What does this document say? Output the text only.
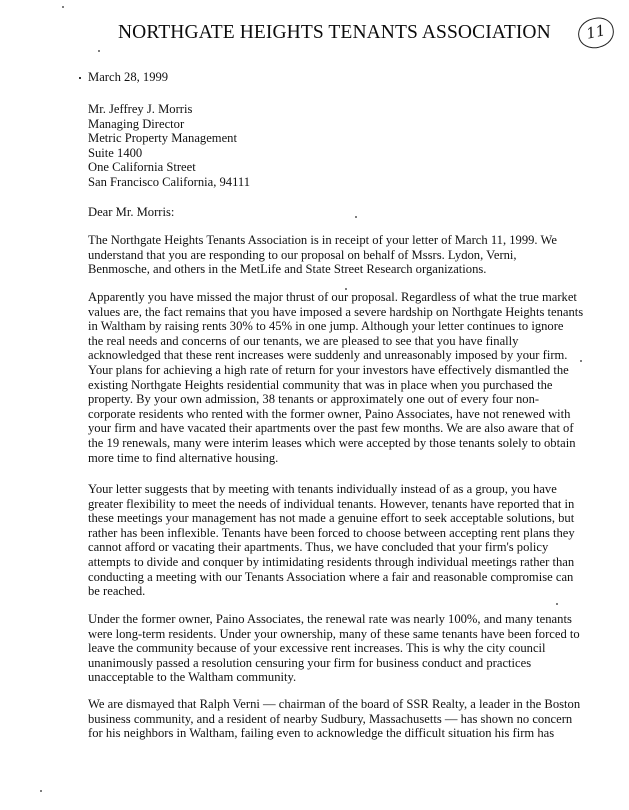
NORTHGATE HEIGHTS TENANTS ASSOCIATION	11
March 28, 1999
Mr. Jeffrey J. Morris
Managing Director
Metric Property Management
Suite 1400
One California Street
San Francisco California, 94111
Dear Mr. Morris:
The Northgate Heights Tenants Association is in receipt of your letter of March 11, 1999. We
understand that you are responding to our proposal on behalf of Mssrs. Lydon, Verni,
Benmosche, and others in the MetLife and State Street Research organizations.
Apparently you have missed the major thrust of our proposal. Regardless of what the true market
values are, the fact remains that you have imposed a severe hardship on Northgate Heights tenants
in Waltham by raising rents 30% to 45% in one jump. Although your letter continues to ignore
the real needs and concerns of our tenants, we are pleased to see that you have finally
acknowledged that these rent increases were suddenly and unreasonably imposed by your firm.
Your plans for achieving a high rate of return for your investors have effectively dismantled the
existing Northgate Heights residential community that was in place when you purchased the
property. By your own admission, 38 tenants or approximately one out of every four non-
corporate residents who rented with the former owner, Paino Associates, have not renewed with
your firm and have vacated their apartments over the past few months. We are also aware that of
the 19 renewals, many were interim leases which were accepted by those tenants solely to obtain
more time to find alternative housing.
Your letter suggests that by meeting with tenants individually instead of as a group, you have
greater flexibility to meet the needs of individual tenants. However, tenants have reported that in
these meetings your management has not made a genuine effort to seek acceptable solutions, but
rather has been inflexible. Tenants have been forced to choose between accepting rent plans they
cannot afford or vacating their apartments. Thus, we have concluded that your firm's policy
attempts to divide and conquer by intimidating residents through individual meetings rather than
conducting a meeting with our Tenants Association where a fair and reasonable compromise can
be reached.
Under the former owner, Paino Associates, the renewal rate was nearly 100%, and many tenants
were long-term residents. Under your ownership, many of these same tenants have been forced to
leave the community because of your excessive rent increases. This is why the city council
unanimously passed a resolution censuring your firm for business conduct and practices
unacceptable to the Waltham community.
We are dismayed that Ralph Verni — chairman of the board of SSR Realty, a leader in the Boston
business community, and a resident of nearby Sudbury, Massachusetts — has shown no concern
for his neighbors in Waltham, failing even to acknowledge the difficult situation his firm has
